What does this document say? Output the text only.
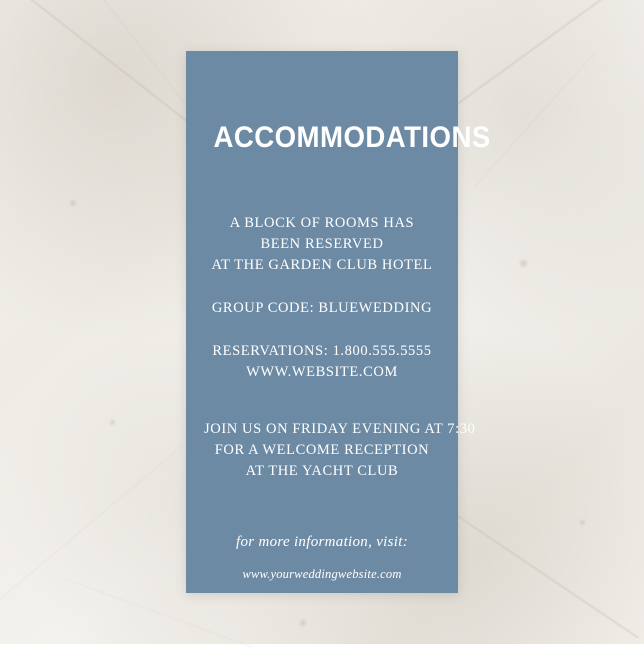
ACCOMMODATIONS

A BLOCK OF ROOMS HAS
BEEN RESERVED
AT THE GARDEN CLUB HOTEL

GROUP CODE: BLUEWEDDING

RESERVATIONS: 1.800.555.5555
WWW.WEBSITE.COM

JOIN US ON FRIDAY EVENING AT 7:30
FOR A WELCOME RECEPTION
AT THE YACHT CLUB

for more information, visit:
www.yourweddingwebsite.com
